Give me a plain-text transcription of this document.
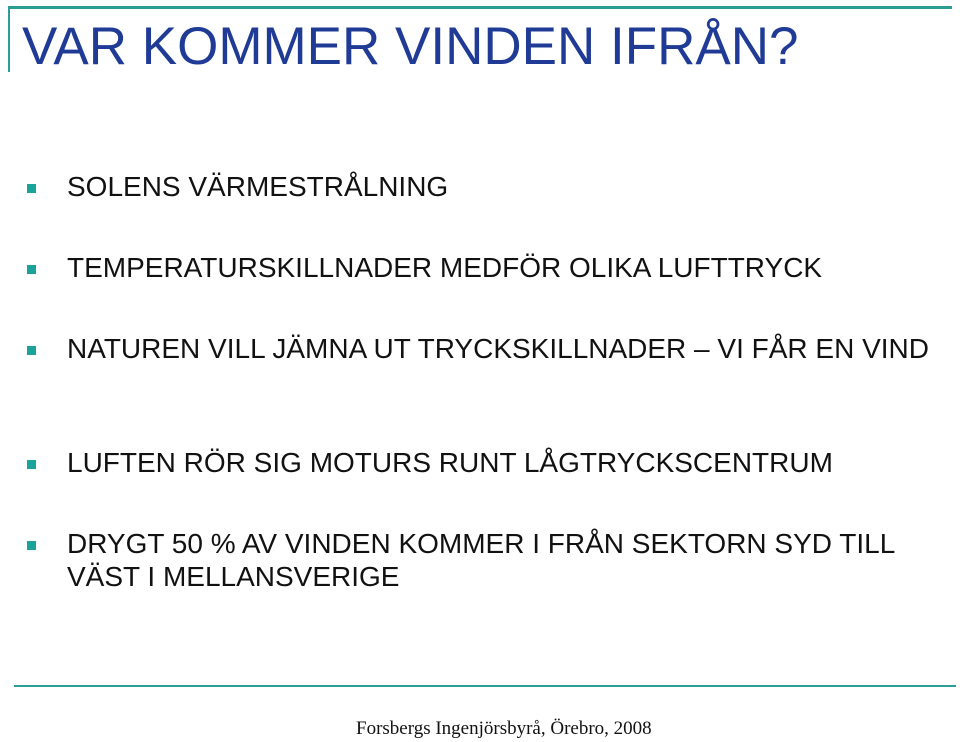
VAR KOMMER VINDEN IFRÅN?
SOLENS VÄRMESTRÅLNING
TEMPERATURSKILLNADER MEDFÖR OLIKA LUFTTRYCK
NATUREN VILL JÄMNA UT TRYCKSKILLNADER – VI FÅR EN VIND
LUFTEN RÖR SIG MOTURS RUNT LÅGTRYCKSCENTRUM
DRYGT 50 % AV VINDEN KOMMER I FRÅN SEKTORN SYD TILL VÄST I MELLANSVERIGE
Forsbergs Ingenjörsbyrå, Örebro, 2008
